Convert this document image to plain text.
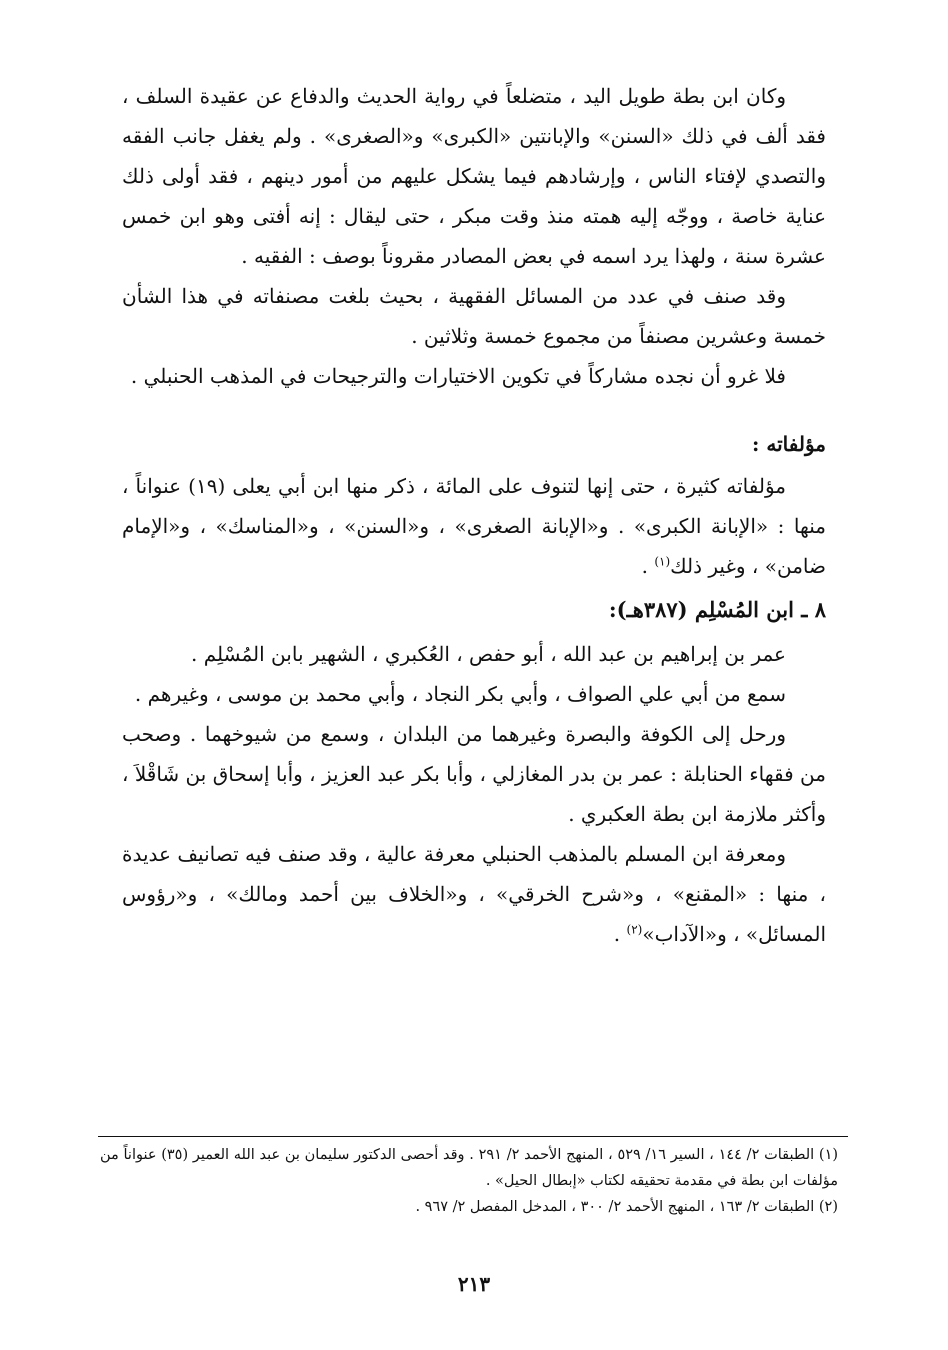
وكان ابن بطة طويل اليد ، متضلعاً في رواية الحديث والدفاع عن عقيدة السلف ، فقد ألف في ذلك «السنن» والإبانتين «الكبرى» و«الصغرى» . ولم يغفل جانب الفقه والتصدي لإفتاء الناس ، وإرشادهم فيما يشكل عليهم من أمور دينهم ، فقد أولى ذلك عناية خاصة ، ووجّه إليه همته منذ وقت مبكر ، حتى ليقال : إنه أفتى وهو ابن خمس عشرة سنة ، ولهذا يرد اسمه في بعض المصادر مقروناً بوصف : الفقيه .

وقد صنف في عدد من المسائل الفقهية ، بحيث بلغت مصنفاته في هذا الشأن خمسة وعشرين مصنفاً من مجموع خمسة وثلاثين .

فلا غرو أن نجده مشاركاً في تكوين الاختيارات والترجيحات في المذهب الحنبلي .

مؤلفاته :

مؤلفاته كثيرة ، حتى إنها لتنوف على المائة ، ذكر منها ابن أبي يعلى (١٩) عنواناً ، منها : «الإبانة الكبرى» . و«الإبانة الصغرى» ، و«السنن» ، و«المناسك» ، و«الإمام ضامن» ، وغير ذلك$^{(١)}$ .

٨ ـ ابن المُسْلِم (٣٨٧هـ):

عمر بن إبراهيم بن عبد الله ، أبو حفص ، العُكبري ، الشهير بابن المُسْلِم .

سمع من أبي علي الصواف ، وأبي بكر النجاد ، وأبي محمد بن موسى ، وغيرهم .

ورحل إلى الكوفة والبصرة وغيرهما من البلدان ، وسمع من شيوخهما . وصحب من فقهاء الحنابلة : عمر بن بدر المغازلي ، وأبا بكر عبد العزيز ، وأبا إسحاق بن شَاقْلاَ ، وأكثر ملازمة ابن بطة العكبري .

ومعرفة ابن المسلم بالمذهب الحنبلي معرفة عالية ، وقد صنف فيه تصانيف عديدة ، منها : «المقنع» ، و«شرح الخرقي» ، و«الخلاف بين أحمد ومالك» ، و«رؤوس المسائل» ، و«الآداب»$^{(٢)}$ .

(١) الطبقات ٢/ ١٤٤ ، السير ١٦/ ٥٢٩ ، المنهج الأحمد ٢/ ٢٩١ . وقد أحصى الدكتور سليمان بن عبد الله العمير (٣٥) عنواناً من مؤلفات ابن بطة في مقدمة تحقيقه لكتاب «إبطال الحيل» .

(٢) الطبقات ٢/ ١٦٣ ، المنهج الأحمد ٢/ ٣٠٠ ، المدخل المفصل ٢/ ٩٦٧ .

٢١٣
